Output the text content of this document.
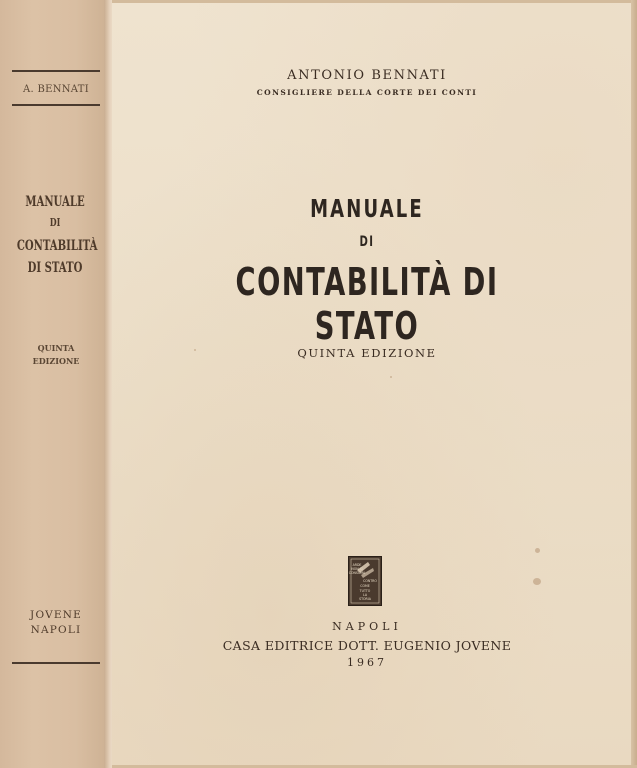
A. BENNATI
MANUALE
DI
CONTABILITÀ
DI STATO
QUINTA
EDIZIONE
JOVENE
NAPOLI
ANTONIO BENNATI
CONSIGLIERE DELLA CORTE DEI CONTI
MANUALE
DI
CONTABILITÀ DI STATO
QUINTA EDIZIONE
ARDE
NON SI
CONSUMA
CONTRO
COME
TUTTO
LA
STORIA
NAPOLI
CASA EDITRICE DOTT. EUGENIO JOVENE
1967
